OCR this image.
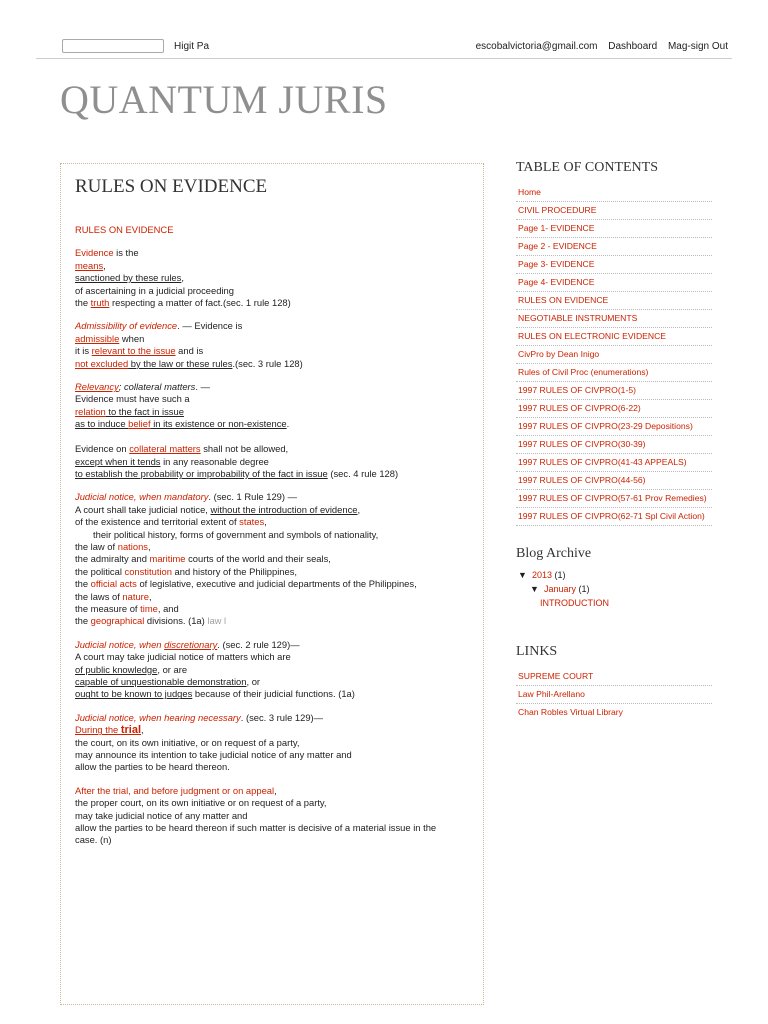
Higit Pa	escobalvictoria@gmail.com Dashboard Mag-sign Out
QUANTUM JURIS
RULES ON EVIDENCE
RULES ON EVIDENCE
Evidence is the
means,
sanctioned by these rules,
of ascertaining in a judicial proceeding
the truth respecting a matter of fact.(sec. 1 rule 128)
Admissibility of evidence. — Evidence is
admissible when
it is relevant to the issue and is
not excluded by the law or these rules.(sec. 3 rule 128)
Relevancy; collateral matters. —
Evidence must have such a
relation to the fact in issue
as to induce belief in its existence or non-existence.

Evidence on collateral matters shall not be allowed,
except when it tends in any reasonable degree
to establish the probability or improbability of the fact in issue (sec. 4 rule 128)
Judicial notice, when mandatory. (sec. 1 Rule 129) —
A court shall take judicial notice, without the introduction of evidence,
of the existence and territorial extent of states,
their political history, forms of government and symbols of nationality,
the law of nations,
the admiralty and maritime courts of the world and their seals,
the political constitution and history of the Philippines,
the official acts of legislative, executive and judicial departments of the Philippines,
the laws of nature,
the measure of time, and
the geographical divisions. (1a) law l
Judicial notice, when discretionary. (sec. 2 rule 129)—
A court may take judicial notice of matters which are
of public knowledge, or are
capable of unquestionable demonstration, or
ought to be known to judges because of their judicial functions. (1a)
Judicial notice, when hearing necessary. (sec. 3 rule 129)—
During the trial,
the court, on its own initiative, or on request of a party,
may announce its intention to take judicial notice of any matter and
allow the parties to be heard thereon.
After the trial, and before judgment or on appeal,
the proper court, on its own initiative or on request of a party,
may take judicial notice of any matter and
allow the parties to be heard thereon if such matter is decisive of a material issue in the
case. (n)
TABLE OF CONTENTS
Home
CIVIL PROCEDURE
Page 1- EVIDENCE
Page 2 - EVIDENCE
Page 3- EVIDENCE
Page 4- EVIDENCE
RULES ON EVIDENCE
NEGOTIABLE INSTRUMENTS
RULES ON ELECTRONIC EVIDENCE
CivPro by Dean Inigo
Rules of Civil Proc (enumerations)
1997 RULES OF CIVPRO(1-5)
1997 RULES OF CIVPRO(6-22)
1997 RULES OF CIVPRO(23-29 Depositions)
1997 RULES OF CIVPRO(30-39)
1997 RULES OF CIVPRO(41-43 APPEALS)
1997 RULES OF CIVPRO(44-56)
1997 RULES OF CIVPRO(57-61 Prov Remedies)
1997 RULES OF CIVPRO(62-71 Spl Civil Action)
Blog Archive
▼ 2013 (1)
▼ January (1)
INTRODUCTION
LINKS
SUPREME COURT
Law Phil-Arellano
Chan Robles Virtual Library
